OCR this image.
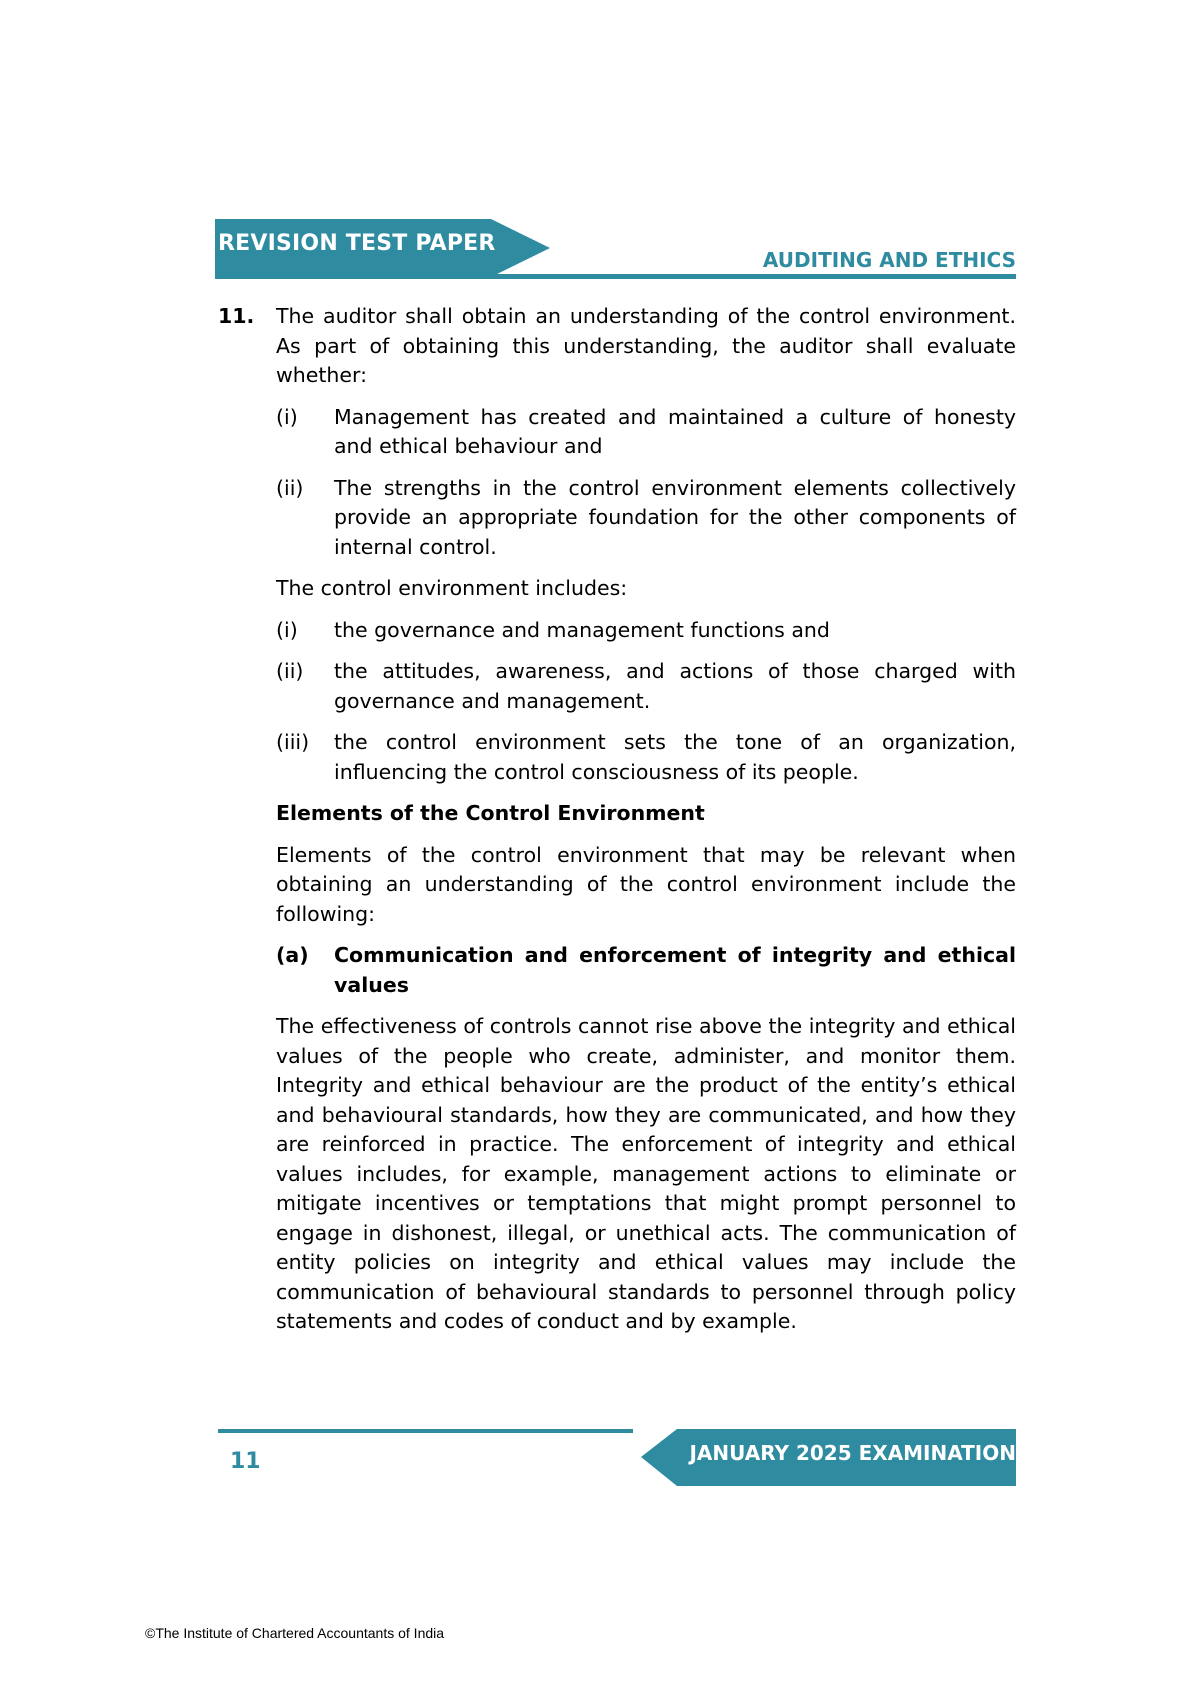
REVISION TEST PAPER
AUDITING AND ETHICS
11. The auditor shall obtain an understanding of the control environment. As part of obtaining this understanding, the auditor shall evaluate whether:

(i)	Management has created and maintained a culture of honesty and ethical behaviour and
(ii)	The strengths in the control environment elements collectively provide an appropriate foundation for the other components of internal control.

The control environment includes:

(i)	the governance and management functions and
(ii)	the attitudes, awareness, and actions of those charged with governance and management.
(iii)	the control environment sets the tone of an organization, influencing the control consciousness of its people.

Elements of the Control Environment

Elements of the control environment that may be relevant when obtaining an understanding of the control environment include the following:

(a)	Communication and enforcement of integrity and ethical values

The effectiveness of controls cannot rise above the integrity and ethical values of the people who create, administer, and monitor them. Integrity and ethical behaviour are the product of the entity’s ethical and behavioural standards, how they are communicated, and how they are reinforced in practice. The enforcement of integrity and ethical values includes, for example, management actions to eliminate or mitigate incentives or temptations that might prompt personnel to engage in dishonest, illegal, or unethical acts. The communication of entity policies on integrity and ethical values may include the communication of behavioural standards to personnel through policy statements and codes of conduct and by example.

JANUARY 2025 EXAMINATION
11
©The Institute of Chartered Accountants of India
